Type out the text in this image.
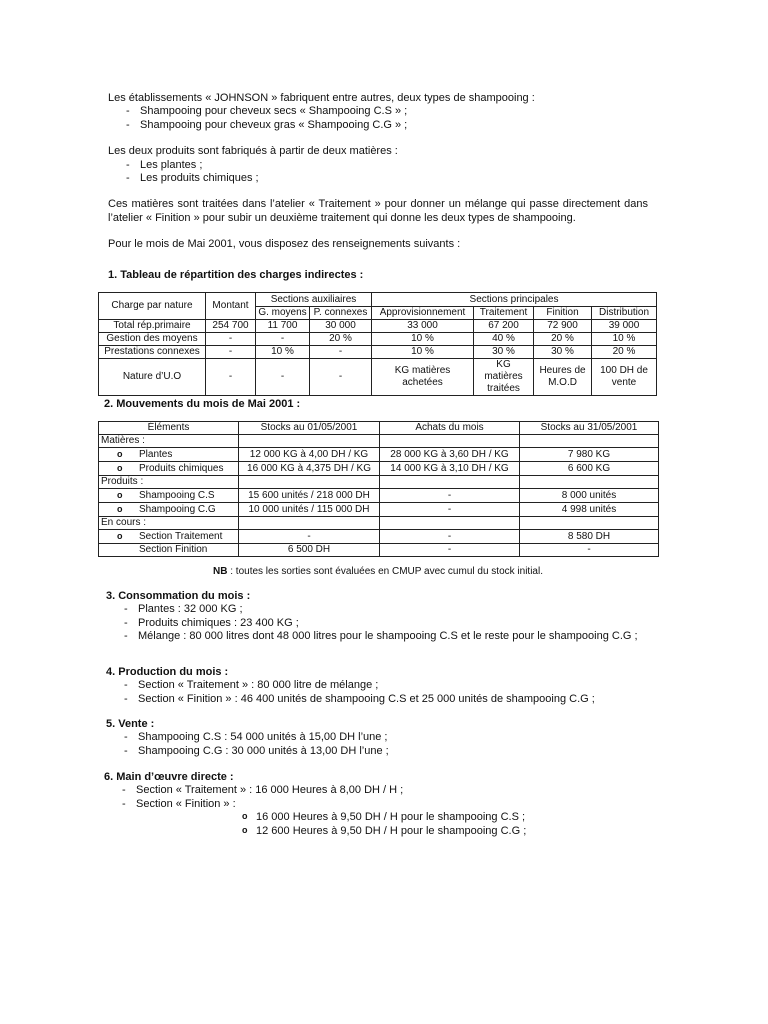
Les établissements « JOHNSON » fabriquent entre autres, deux types de shampooing :

- Shampooing pour cheveux secs « Shampooing C.S » ;
- Shampooing pour cheveux gras « Shampooing C.G » ;

Les deux produits sont fabriqués à partir de deux matières :

- Les plantes ;
- Les produits chimiques ;

Ces matières sont traitées dans l’atelier « Traitement » pour donner un mélange qui passe directement dans l’atelier « Finition » pour subir un deuxième traitement qui donne les deux types de shampooing.

Pour le mois de Mai 2001, vous disposez des renseignements suivants :

1. Tableau de répartition des charges indirectes :
Charge par nature	Montant	Sections auxiliaires		Sections principales			
		G. moyens	P. connexes	Approvisionnement	Traitement	Finition	Distribution
Total rép.primaire	254 700	11 700	30 000	33 000	67 200	72 900	39 000
Gestion des moyens	-	-	20 %	10 %	40 %	20 %	10 %
Prestations connexes	-	10 %	-	10 %	30 %	30 %	20 %
Nature d’U.O	-	-	-	KG matières achetées	KG matières traitées	Heures de M.O.D	100 DH de vente
2. Mouvements du mois de Mai 2001 :
Éléments	Stocks au 01/05/2001	Achats du mois	Stocks au 31/05/2001
Matières :			
o Plantes	12 000 KG à 4,00 DH / KG	28 000 KG à 3,60 DH / KG	7 980 KG
o Produits chimiques	16 000 KG à 4,375 DH / KG	14 000 KG à 3,10 DH / KG	6 600 KG
Produits :			
o Shampooing C.S	15 600 unités / 218 000 DH	-	8 000 unités
o Shampooing C.G	10 000 unités / 115 000 DH	-	4 998 unités
En cours :			
o Section Traitement	-	-	8 580 DH
Section Finition	6 500 DH	-	-
NB : toutes les sorties sont évaluées en CMUP avec cumul du stock initial.
3. Consommation du mois :
- Plantes : 32 000 KG ;
- Produits chimiques : 23 400 KG ;
- Mélange : 80 000 litres dont 48 000 litres pour le shampooing C.S et le reste pour le shampooing C.G ;
4. Production du mois :
- Section « Traitement » : 80 000 litre de mélange ;
- Section « Finition » : 46 400 unités de shampooing C.S et 25 000 unités de shampooing C.G ;
5. Vente :
- Shampooing C.S : 54 000 unités à 15,00 DH l’une ;
- Shampooing C.G : 30 000 unités à 13,00 DH l’une ;
6. Main d’œuvre directe :
- Section « Traitement » : 16 000 Heures à 8,00 DH / H ;
- Section « Finition » :
o 16 000 Heures à 9,50 DH / H pour le shampooing C.S ;
o 12 600 Heures à 9,50 DH / H pour le shampooing C.G ;
